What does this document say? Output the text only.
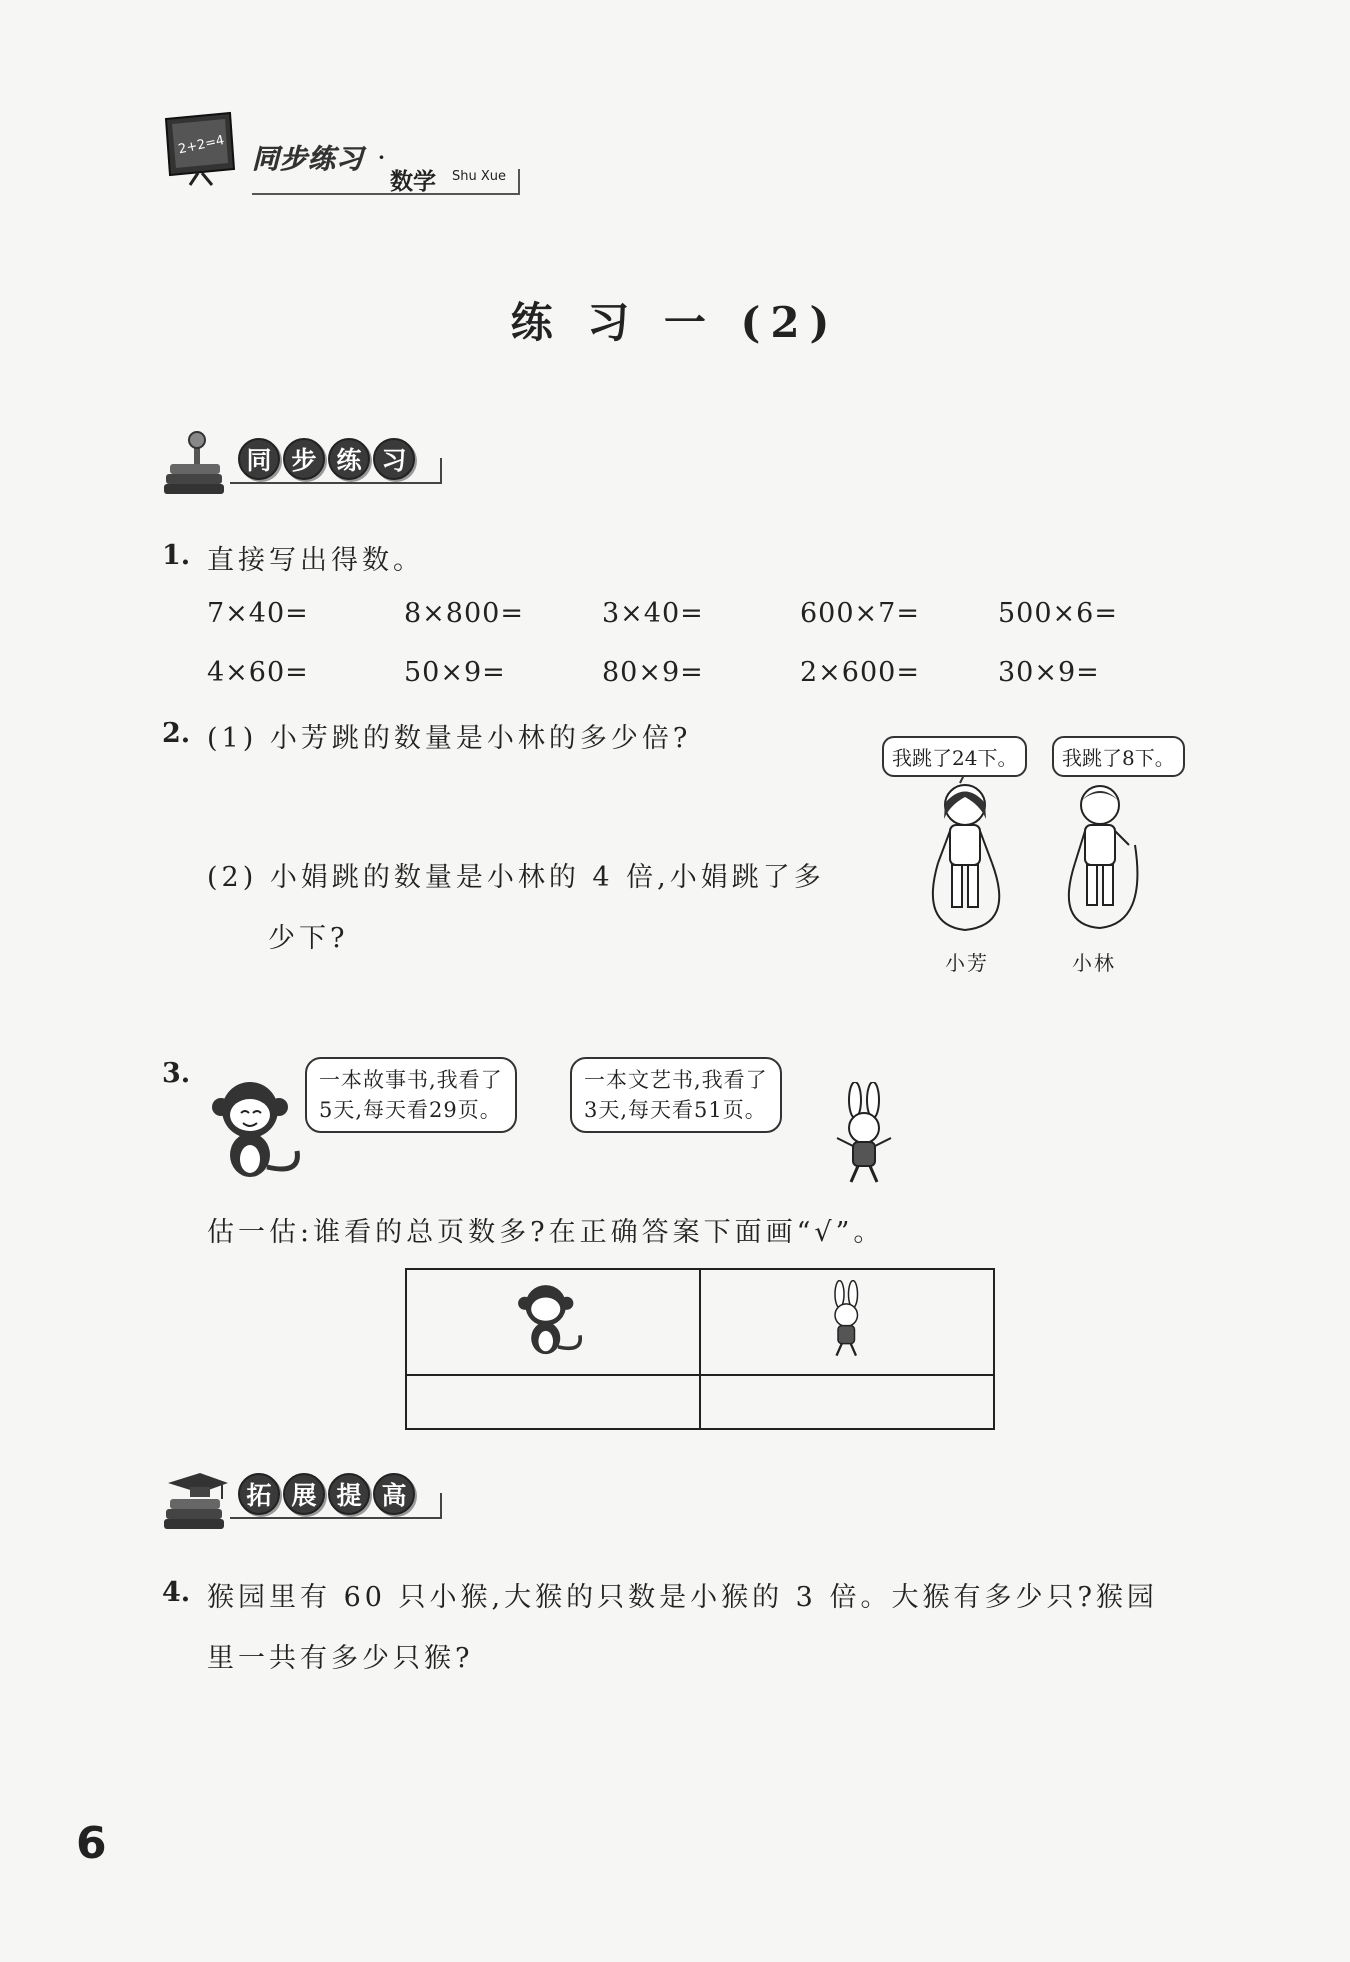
2+2=4 同步练习 ·
数学 Shu Xue
练 习 一 (2)
同 步 练 习
1. 直接写出得数。
7×40=	8×800=	3×40=	600×7=	500×6=
4×60=	50×9=	80×9=	2×600=	30×9=
2. (1) 小芳跳的数量是小林的多少倍?
(2) 小娟跳的数量是小林的 4 倍,小娟跳了多
少下?
我跳了24下。	我跳了8下。
小芳	小林
3.	一本故事书,我看了
5天,每天看29页。
一本文艺书,我看了
3天,每天看51页。
估一估:谁看的总页数多?在正确答案下面画“√”。

拓 展 提 高
4. 猴园里有 60 只小猴,大猴的只数是小猴的 3 倍。大猴有多少只?猴园
里一共有多少只猴?
6
